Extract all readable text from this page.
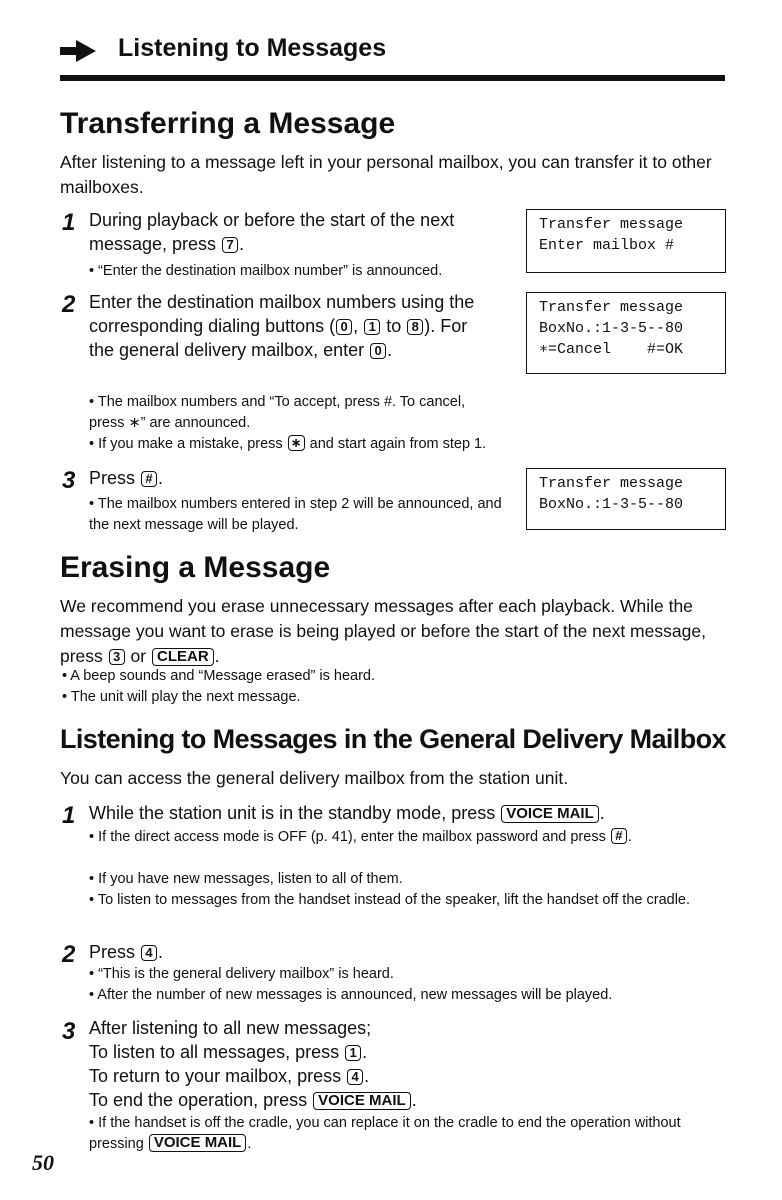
Listening to Messages
Transferring a Message
After listening to a message left in your personal mailbox, you can transfer it to other mailboxes.
1 During playback or before the start of the next message, press 7 .
• “Enter the destination mailbox number” is announced.
Transfer message
Enter mailbox #
2 Enter the destination mailbox numbers using the corresponding dialing buttons ( 0 , 1 to 8 ). For the general delivery mailbox, enter 0 .
• The mailbox numbers and “To accept, press #. To cancel, press ∗” are announced.
• If you make a mistake, press ∗ and start again from step 1.
Transfer message
BoxNo.:1-3-5--80
∗=Cancel    #=OK
3 Press # .
• The mailbox numbers entered in step 2 will be announced, and the next message will be played.
Transfer message
BoxNo.:1-3-5--80
Erasing a Message
We recommend you erase unnecessary messages after each playback. While the message you want to erase is being played or before the start of the next message, press 3 or CLEAR .
• A beep sounds and “Message erased” is heard.
• The unit will play the next message.
Listening to Messages in the General Delivery Mailbox
You can access the general delivery mailbox from the station unit.
1 While the station unit is in the standby mode, press VOICE MAIL .
• If the direct access mode is OFF (p. 41), enter the mailbox password and press # .
• If you have new messages, listen to all of them.
• To listen to messages from the handset instead of the speaker, lift the handset off the cradle.
2 Press 4 .
• “This is the general delivery mailbox” is heard.
• After the number of new messages is announced, new messages will be played.
3 After listening to all new messages;
To listen to all messages, press 1 .
To return to your mailbox, press 4 .
To end the operation, press VOICE MAIL .
• If the handset is off the cradle, you can replace it on the cradle to end the operation without pressing VOICE MAIL .
50
